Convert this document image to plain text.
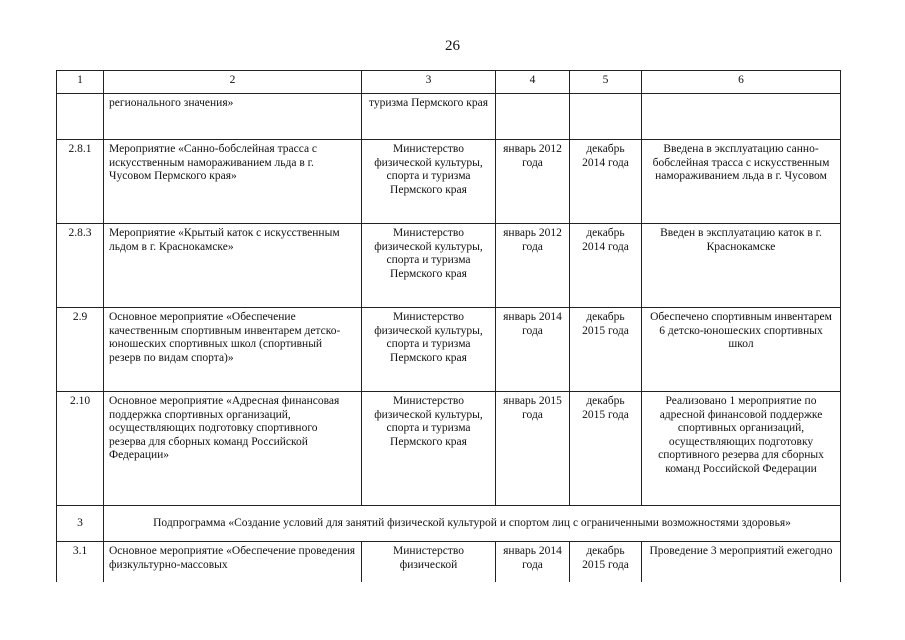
26
1	2	3	4	5	6
	регионального значения»	туризма Пермского края			
2.8.1	Мероприятие «Санно-бобслейная трасса с искусственным намораживанием льда в г. Чусовом Пермского края»	Министерство физической культуры, спорта и туризма Пермского края	январь 2012 года	декабрь 2014 года	Введена в эксплуатацию санно-бобслейная трасса с искусственным намораживанием льда в г. Чусовом
2.8.3	Мероприятие «Крытый каток с искусственным льдом в г. Краснокамске»	Министерство физической культуры, спорта и туризма Пермского края	январь 2012 года	декабрь 2014 года	Введен в эксплуатацию каток в г. Краснокамске
2.9	Основное мероприятие «Обеспечение качественным спортивным инвентарем детско-юношеских спортивных школ (спортивный резерв по видам спорта)»	Министерство физической культуры, спорта и туризма Пермского края	январь 2014 года	декабрь 2015 года	Обеспечено спортивным инвентарем 6 детско-юношеских спортивных школ
2.10	Основное мероприятие «Адресная финансовая поддержка спортивных организаций, осуществляющих подготовку спортивного резерва для сборных команд Российской Федерации»	Министерство физической культуры, спорта и туризма Пермского края	январь 2015 года	декабрь 2015 года	Реализовано 1 мероприятие по адресной финансовой поддержке спортивных организаций, осуществляющих подготовку спортивного резерва для сборных команд Российской Федерации
3	Подпрограмма «Создание условий для занятий физической культурой и спортом лиц с ограниченными возможностями здоровья»				
3.1	Основное мероприятие «Обеспечение проведения физкультурно-массовых	Министерство физической	январь 2014 года	декабрь 2015 года	Проведение 3 мероприятий ежегодно
